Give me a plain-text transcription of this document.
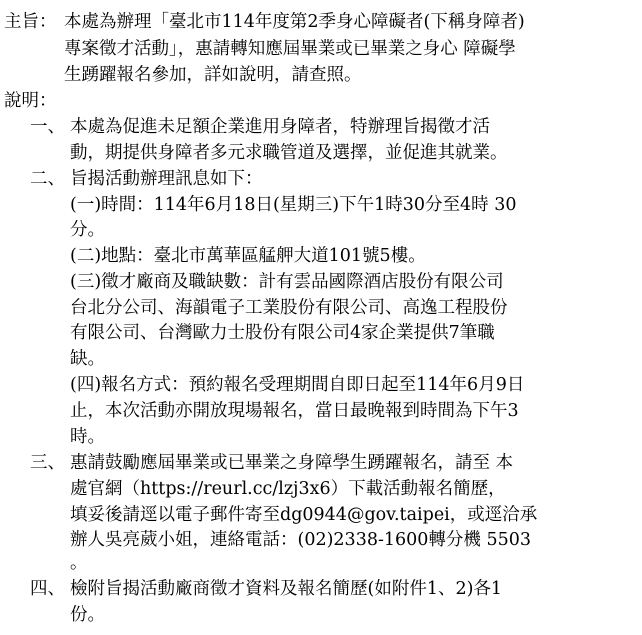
主旨： 本處為辦理「臺北市114年度第2季身心障礙者(下稱身障者)
專案徵才活動」，惠請轉知應屆畢業或已畢業之身心 障礙學
生踴躍報名參加，詳如說明，請查照。
說明：
一、 本處為促進未足額企業進用身障者，特辦理旨揭徵才活
動，期提供身障者多元求職管道及選擇，並促進其就業。
二、 旨揭活動辦理訊息如下：
(一)時間：114年6月18日(星期三)下午1時30分至4時 30
分。
(二)地點：臺北市萬華區艋舺大道101號5樓。
(三)徵才廠商及職缺數：計有雲品國際酒店股份有限公司
台北分公司、海韻電子工業股份有限公司、高逸工程股份
有限公司、台灣歐力士股份有限公司4家企業提供7筆職
缺。
(四)報名方式：預約報名受理期間自即日起至114年6月9日
止，本次活動亦開放現場報名，當日最晚報到時間為下午3
時。
三、 惠請鼓勵應屆畢業或已畢業之身障學生踴躍報名，請至 本
處官網（https://reurl.cc/lzj3x6）下載活動報名簡歷，
填妥後請逕以電子郵件寄至dg0944@gov.taipei，或逕洽承
辦人吳亮葳小姐，連絡電話：(02)2338-1600轉分機 5503
。
四、 檢附旨揭活動廠商徵才資料及報名簡歷(如附件1、2)各1
份。
